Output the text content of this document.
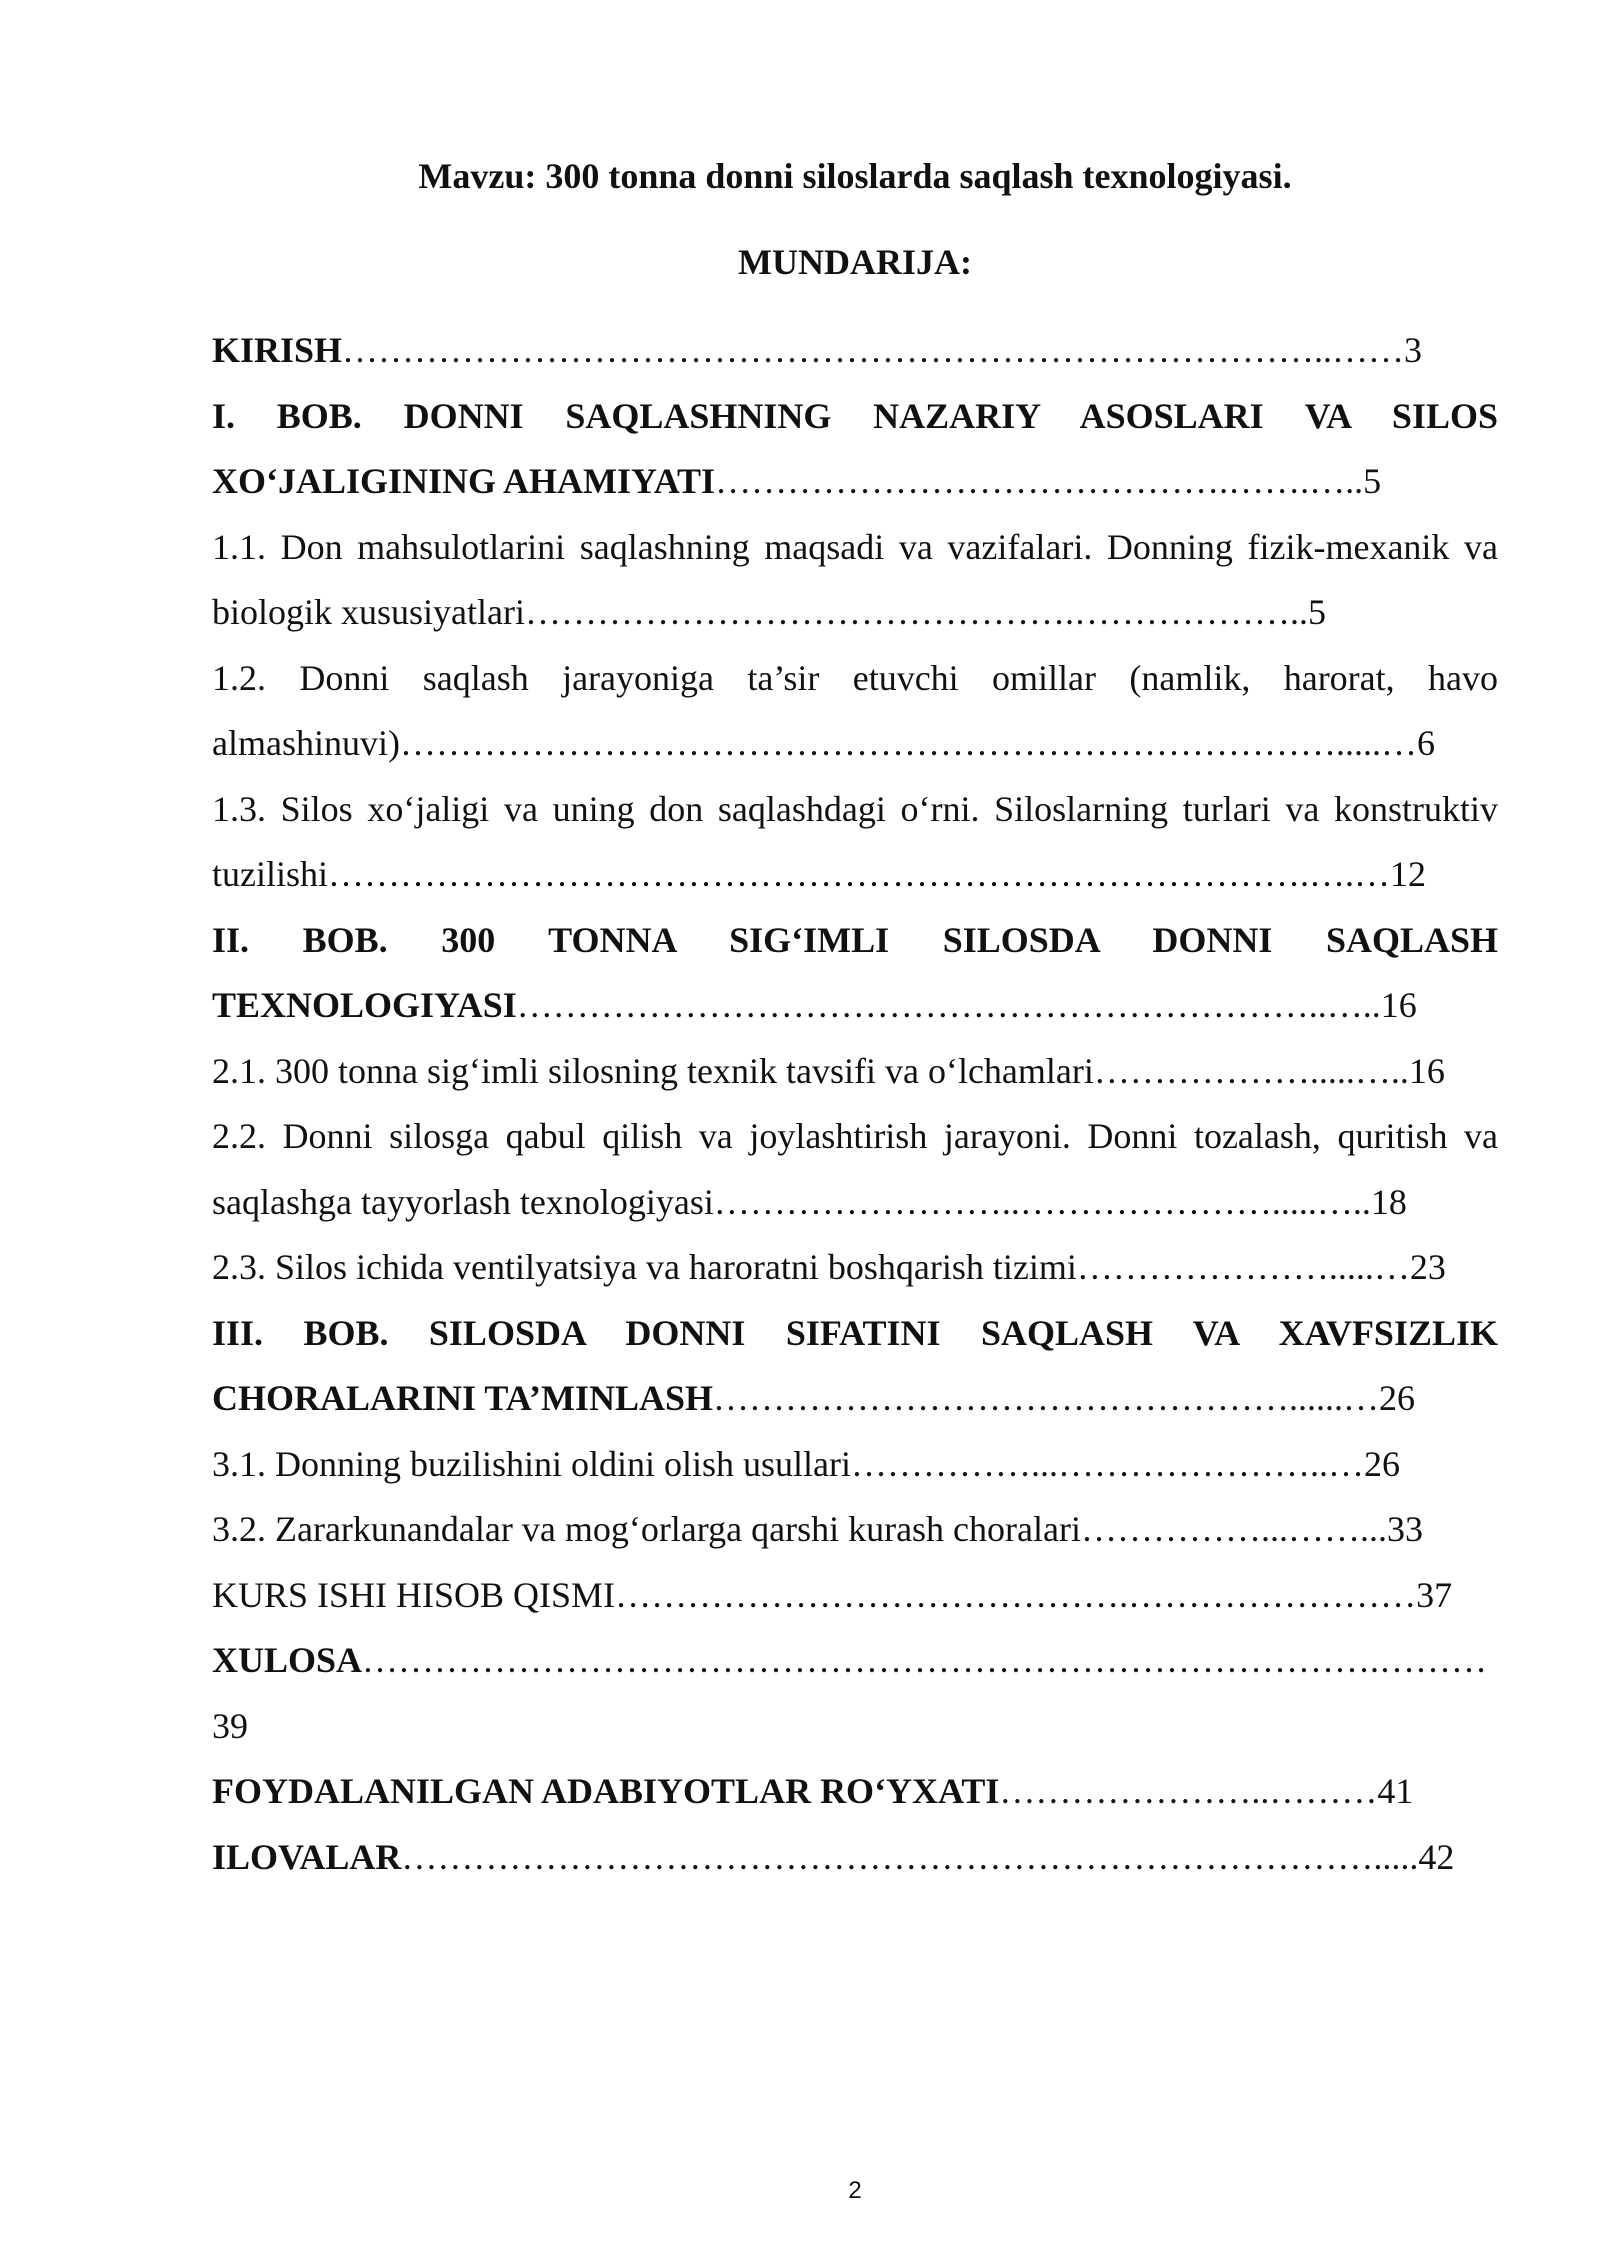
Mavzu: 300 tonna donni siloslarda saqlash texnologiyasi.

MUNDARIJA:

KIRISH………………………………………………………………………..……3
I. BOB. DONNI SAQLASHNING NAZARIY ASOSLARI VA SILOS XO‘JALIGINING AHAMIYATI…………………………………….…….…..5
1.1. Don mahsulotlarini saqlashning maqsadi va vazifalari. Donning fizik-mexanik va biologik xususiyatlari……………………………………….………………..5
1.2. Donni saqlash jarayoniga ta’sir etuvchi omillar (namlik, harorat, havo almashinuvi)…………………………………………………………………….....…6
1.3. Silos xo‘jaligi va uning don saqlashdagi o‘rni. Siloslarning turlari va konstruktiv tuzilishi……………………………………………………………………….….…12
II. BOB. 300 TONNA SIG‘IMLI SILOSDA DONNI SAQLASH TEXNOLOGIYASI…………………………………………………………..…..16
2.1. 300 tonna sig‘imli silosning texnik tavsifi va o‘lchamlari……………….....…..16
2.2. Donni silosga qabul qilish va joylashtirish jarayoni. Donni tozalash, quritish va saqlashga tayyorlash texnologiyasi……………………..………………….....…..18
2.3. Silos ichida ventilyatsiya va haroratni boshqarish tizimi………………….....…23
III. BOB. SILOSDA DONNI SIFATINI SAQLASH VA XAVFSIZLIK CHORALARINI TA’MINLASH…………………………………………......…26
3.1. Donning buzilishini oldini olish usullari……………...…………………..…26
3.2. Zararkunandalar va mog‘orlarga qarshi kurash choralari……………...……...33
KURS ISHI HISOB QISMI…………………………………….……………………37
XULOSA………………………………………………………………………….………39
FOYDALANILGAN ADABIYOTLAR RO‘YXATI…………………..………41
ILOVALAR……………………………………………………………………….....42

2
